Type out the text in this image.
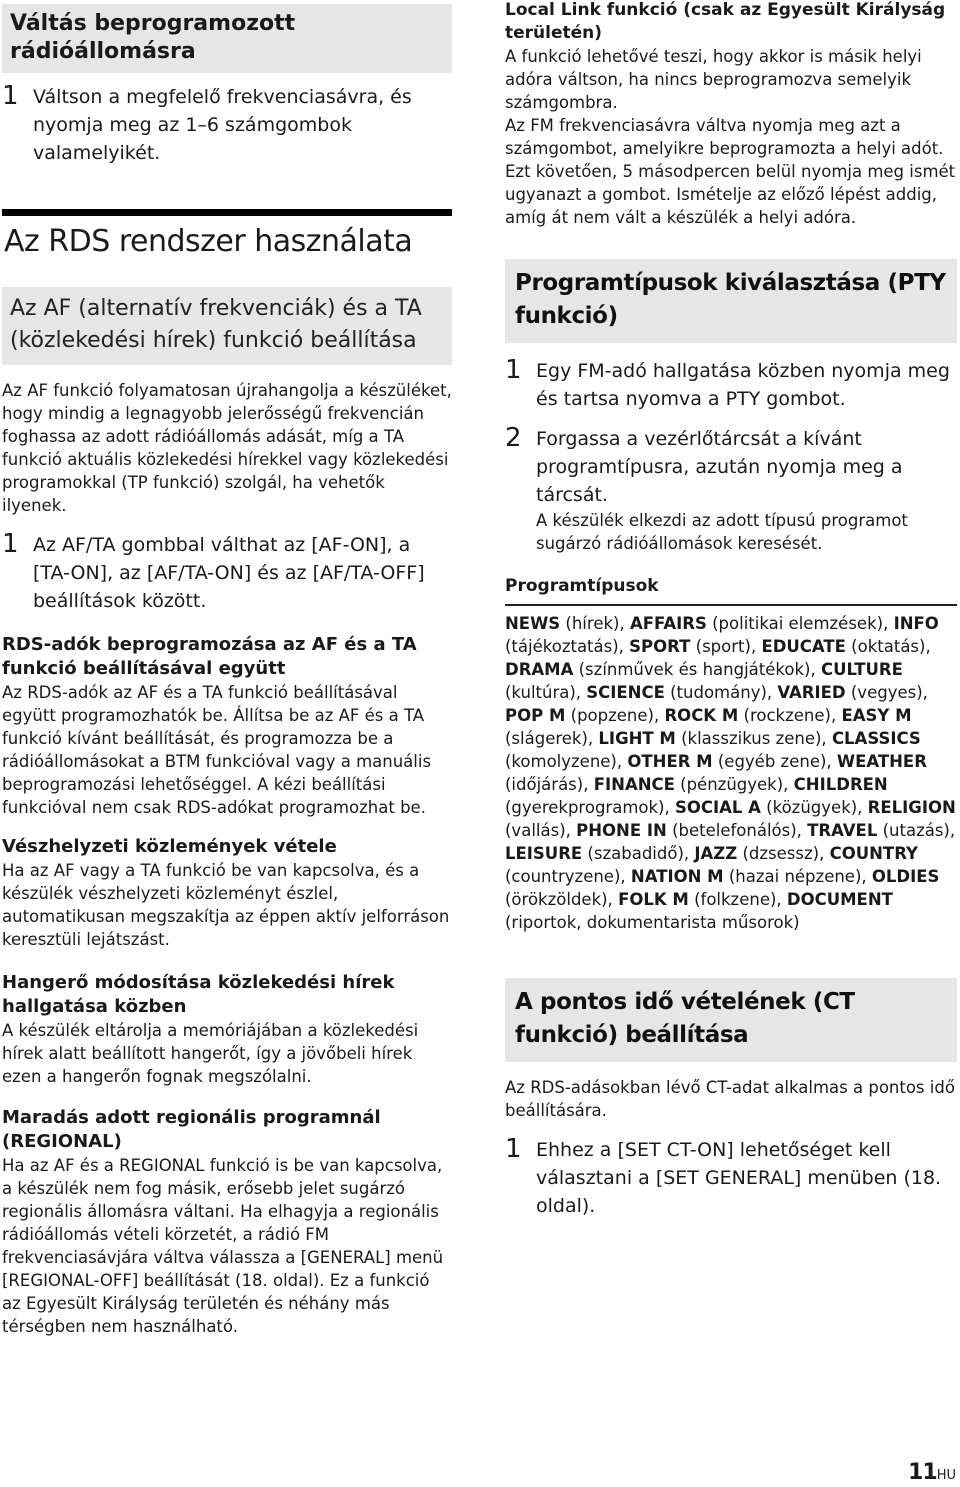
Váltás beprogramozott rádióállomásra
1 Váltson a megfelelő frekvenciasávra, és nyomja meg az 1–6 számgombok valamelyikét.
Az RDS rendszer használata
Az AF (alternatív frekvenciák) és a TA (közlekedési hírek) funkció beállítása

Az AF funkció folyamatosan újrahangolja a készüléket, hogy mindig a legnagyobb jelerősségű frekvencián foghassa az adott rádióállomás adását, míg a TA funkció aktuális közlekedési hírekkel vagy közlekedési programokkal (TP funkció) szolgál, ha vehetők ilyenek.

1 Az AF/TA gombbal válthat az [AF-ON], a [TA-ON], az [AF/TA-ON] és az [AF/TA-OFF] beállítások között.
RDS-adók beprogramozása az AF és a TA funkció beállításával együtt

Az RDS-adók az AF és a TA funkció beállításával együtt programozhatók be. Állítsa be az AF és a TA funkció kívánt beállítását, és programozza be a rádióállomásokat a BTM funkcióval vagy a manuális beprogramozási lehetőséggel. A kézi beállítási funkcióval nem csak RDS-adókat programozhat be.

Vészhelyzeti közlemények vétele

Ha az AF vagy a TA funkció be van kapcsolva, és a készülék vészhelyzeti közleményt észlel, automatikusan megszakítja az éppen aktív jelforráson keresztüli lejátszást.

Hangerő módosítása közlekedési hírek hallgatása közben

A készülék eltárolja a memóriájában a közlekedési hírek alatt beállított hangerőt, így a jövőbeli hírek ezen a hangerőn fognak megszólalni.

Maradás adott regionális programnál (REGIONAL)

Ha az AF és a REGIONAL funkció is be van kapcsolva, a készülék nem fog másik, erősebb jelet sugárzó regionális állomásra váltani. Ha elhagyja a regionális rádióállomás vételi körzetét, a rádió FM frekvenciasávjára váltva válassza a [GENERAL] menü [REGIONAL-OFF] beállítását (18. oldal). Ez a funkció az Egyesült Királyság területén és néhány más térségben nem használható.

Local Link funkció (csak az Egyesült Királyság területén)

A funkció lehetővé teszi, hogy akkor is másik helyi adóra váltson, ha nincs beprogramozva semelyik számgombra.

Az FM frekvenciasávra váltva nyomja meg azt a számgombot, amelyikre beprogramozta a helyi adót. Ezt követően, 5 másodpercen belül nyomja meg ismét ugyanazt a gombot. Ismételje az előző lépést addig, amíg át nem vált a készülék a helyi adóra.

Programtípusok kiválasztása (PTY funkció)
1 Egy FM-adó hallgatása közben nyomja meg és tartsa nyomva a PTY gombot.
2 Forgassa a vezérlőtárcsát a kívánt programtípusra, azután nyomja meg a tárcsát.
A készülék elkezdi az adott típusú programot sugárzó rádióállomások keresését.
Programtípusok

NEWS (hírek), AFFAIRS (politikai elemzések), INFO (tájékoztatás), SPORT (sport), EDUCATE (oktatás), DRAMA (színművek és hangjátékok), CULTURE (kultúra), SCIENCE (tudomány), VARIED (vegyes), POP M (popzene), ROCK M (rockzene), EASY M (slágerek), LIGHT M (klasszikus zene), CLASSICS (komolyzene), OTHER M (egyéb zene), WEATHER (időjárás), FINANCE (pénzügyek), CHILDREN (gyerekprogramok), SOCIAL A (közügyek), RELIGION (vallás), PHONE IN (betelefonálós), TRAVEL (utazás), LEISURE (szabadidő), JAZZ (dzsessz), COUNTRY (countryzene), NATION M (hazai népzene), OLDIES (örökzöldek), FOLK M (folkzene), DOCUMENT (riportok, dokumentarista műsorok)

A pontos idő vételének (CT funkció) beállítása

Az RDS-adásokban lévő CT-adat alkalmas a pontos idő beállítására.

1 Ehhez a [SET CT-ON] lehetőséget kell választani a [SET GENERAL] menüben (18. oldal).
11HU
